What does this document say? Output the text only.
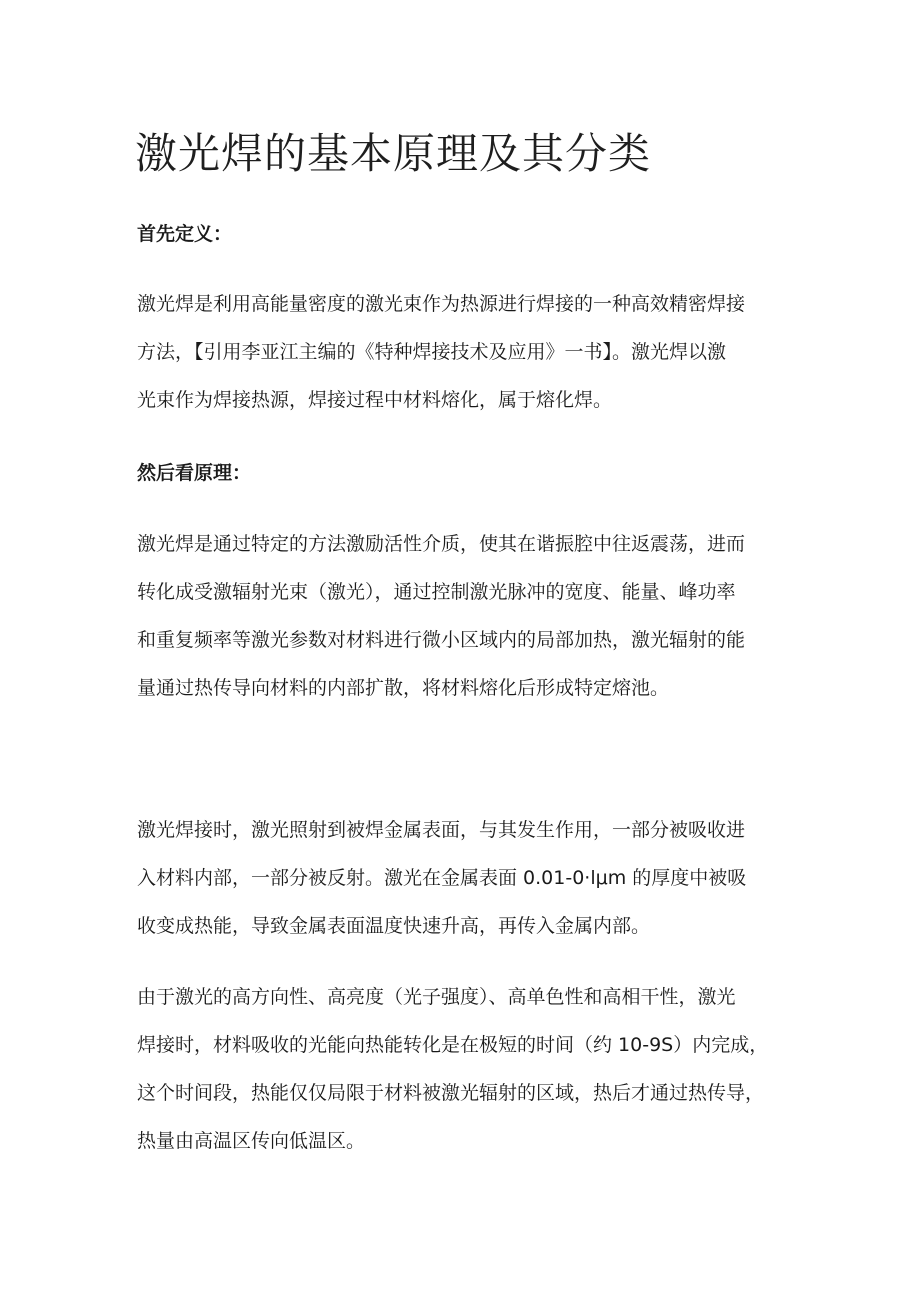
激光焊的基本原理及其分类
首先定义：

激光焊是利用高能量密度的激光束作为热源进行焊接的一种高效精密焊接
方法，【引用李亚江主编的《特种焊接技术及应用》一书】。激光焊以激
光束作为焊接热源，焊接过程中材料熔化，属于熔化焊。

然后看原理：

激光焊是通过特定的方法激励活性介质，使其在谐振腔中往返震荡，进而
转化成受激辐射光束（激光），通过控制激光脉冲的宽度、能量、峰功率
和重复频率等激光参数对材料进行微小区域内的局部加热，激光辐射的能
量通过热传导向材料的内部扩散，将材料熔化后形成特定熔池。

激光焊接时，激光照射到被焊金属表面，与其发生作用，一部分被吸收进
入材料内部，一部分被反射。激光在金属表面 0.01-0·lμm 的厚度中被吸
收变成热能，导致金属表面温度快速升高，再传入金属内部。

由于激光的高方向性、高亮度（光子强度）、高单色性和高相干性，激光
焊接时，材料吸收的光能向热能转化是在极短的时间（约 10-9S）内完成，
这个时间段，热能仅仅局限于材料被激光辐射的区域，热后才通过热传导，
热量由高温区传向低温区。
